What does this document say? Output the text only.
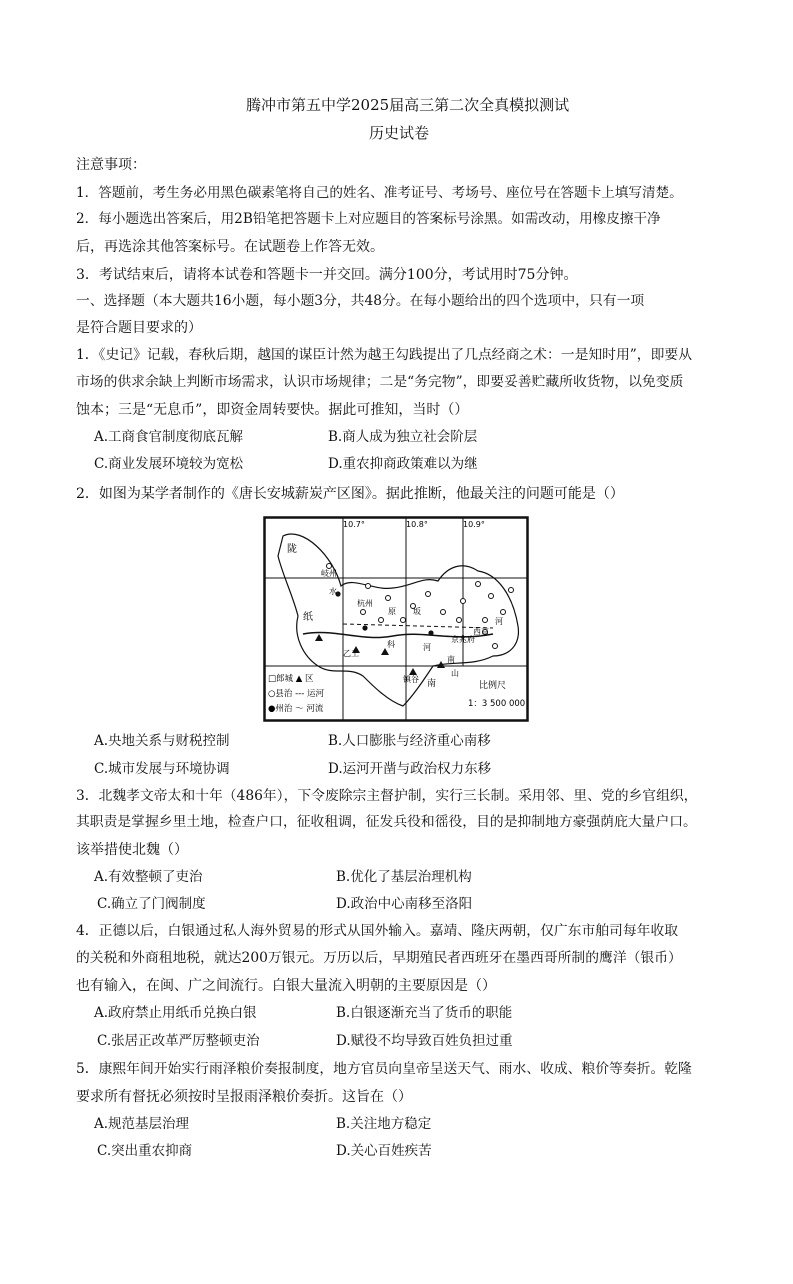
腾冲市第五中学2025届高三第二次全真模拟测试
历史试卷
注意事项：
1．答题前，考生务必用黑色碳素笔将自己的姓名、准考证号、考场号、座位号在答题卡上填写清楚。
2．每小题选出答案后，用2B铅笔把答题卡上对应题目的答案标号涂黑。如需改动，用橡皮擦干净
后，再选涂其他答案标号。在试题卷上作答无效。
3．考试结束后，请将本试卷和答题卡一并交回。满分100分，考试用时75分钟。
一、选择题（本大题共16小题，每小题3分，共48分。在每小题给出的四个选项中，只有一项
是符合题目要求的）
1．《史记》记载，春秋后期，越国的谋臣计然为越王勾践提出了几点经商之术：一是知时用”，即要从
市场的供求余缺上判断市场需求，认识市场规律；二是“务完物”，即要妥善贮藏所收货物，以免变质
蚀本；三是“无息币”，即资金周转要快。据此可推知，当时（）
A.工商食官制度彻底瓦解	B.商人成为独立社会阶层
C.商业发展环境较为宽松	D.重农抑商政策难以为继
2．如图为某学者制作的《唐长安城薪炭产区图》。据此推断，他最关注的问题可能是（）
10.7°	10.8°	10.9°
陇
岐州
水
杭州
纸
原 坂
乙工
科	河
京兆府
西京
河
南
镇谷
山
南
□郎城 ▲ 区
○县治 --- 运河
●州治 ～ 河流
比例尺
1：3 500 000
A.央地关系与财税控制	B.人口膨胀与经济重心南移
C.城市发展与环境协调	D.运河开凿与政治权力东移
3．北魏孝文帝太和十年（486年），下令废除宗主督护制，实行三长制。采用邻、里、党的乡官组织，
其职责是掌握乡里土地，检查户口，征收租调，征发兵役和徭役，目的是抑制地方豪强荫庇大量户口。
该举措使北魏（）
A.有效整顿了吏治	B.优化了基层治理机构
C.确立了门阀制度	D.政治中心南移至洛阳
4．正德以后，白银通过私人海外贸易的形式从国外输入。嘉靖、隆庆两朝，仅广东市舶司每年收取
的关税和外商租地税，就达200万银元。万历以后，早期殖民者西班牙在墨西哥所制的鹰洋（银币）
也有输入，在闽、广之间流行。白银大量流入明朝的主要原因是（）
A.政府禁止用纸币兑换白银	B.白银逐渐充当了货币的职能
C.张居正改革严厉整顿吏治	D.赋役不均导致百姓负担过重
5．康熙年间开始实行雨泽粮价奏报制度，地方官员向皇帝呈送天气、雨水、收成、粮价等奏折。乾隆
要求所有督抚必须按时呈报雨泽粮价奏折。这旨在（）
A.规范基层治理	B.关注地方稳定
C.突出重农抑商	D.关心百姓疾苦
